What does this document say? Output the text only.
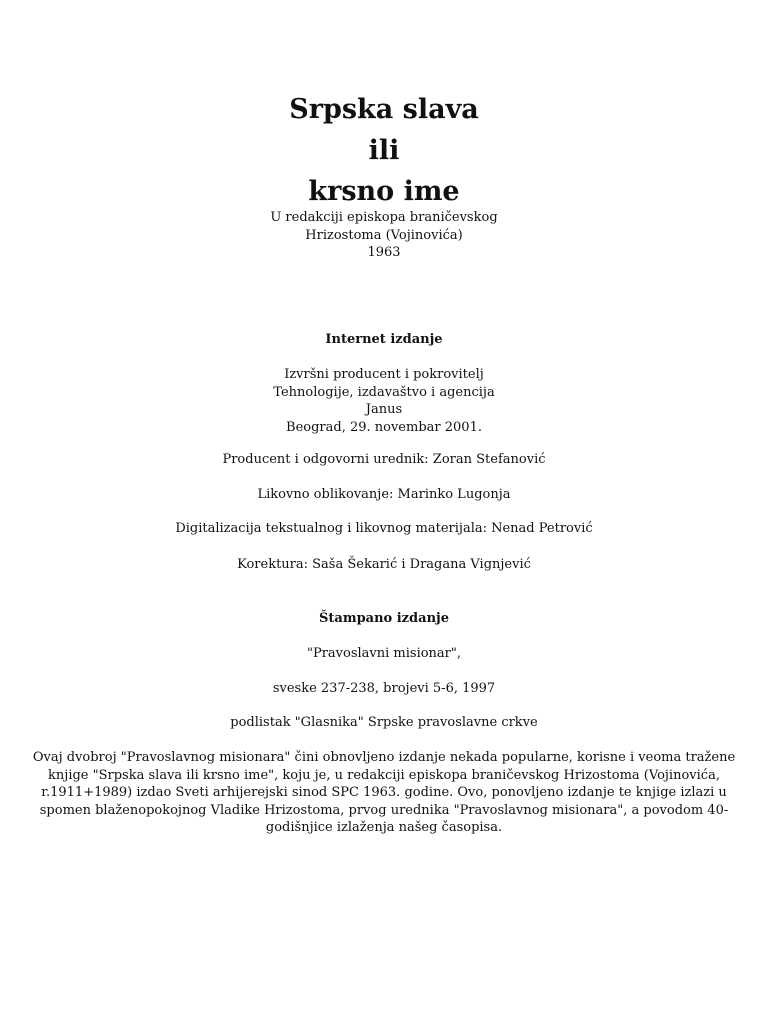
Srpska slava
ili
krsno ime
U redakciji episkopa braničevskog
Hrizostoma (Vojinovića)
1963
Internet izdanje
Izvršni producent i pokrovitelj
Tehnologije, izdavaštvo i agencija
Janus
Beograd, 29. novembar 2001.
Producent i odgovorni urednik: Zoran Stefanović
Likovno oblikovanje: Marinko Lugonja
Digitalizacija tekstualnog i likovnog materijala: Nenad Petrović
Korektura: Saša Šekarić i Dragana Vignjević
Štampano izdanje
"Pravoslavni misionar",
sveske 237-238, brojevi 5-6, 1997
podlistak "Glasnika" Srpske pravoslavne crkve
Ovaj dvobroj "Pravoslavnog misionara" čini obnovljeno izdanje nekada popularne, korisne i veoma tražene knjige "Srpska slava ili krsno ime", koju je, u redakciji episkopa braničevskog Hrizostoma (Vojinovića, r.1911+1989) izdao Sveti arhijerejski sinod SPC 1963. godine. Ovo, ponovljeno izdanje te knjige izlazi u spomen blaženopokojnog Vladike Hrizostoma, prvog urednika "Pravoslavnog misionara", a povodom 40-godišnjice izlaženja našeg časopisa.
